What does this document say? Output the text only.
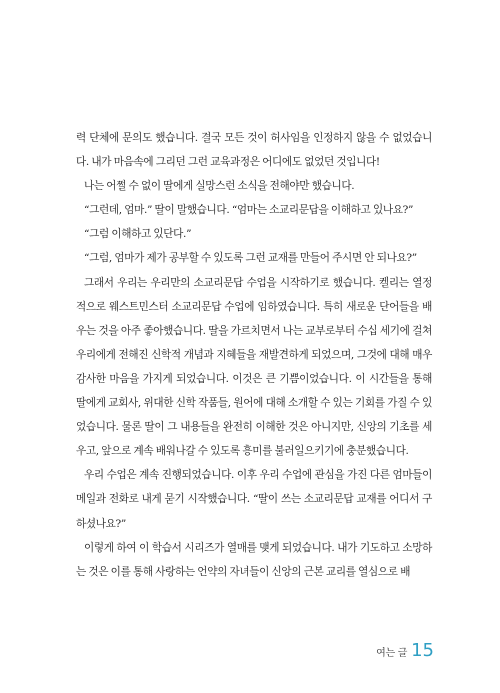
력 단체에 문의도 했습니다. 결국 모든 것이 허사임을 인정하지 않을 수 없었습니다. 내가 마음속에 그리던 그런 교육과정은 어디에도 없었던 것입니다!

나는 어쩔 수 없이 딸에게 실망스런 소식을 전해야만 했습니다.

“그런데, 엄마.” 딸이 말했습니다. “엄마는 소교리문답을 이해하고 있나요?”

“그럼 이해하고 있단다.”

“그럼, 엄마가 제가 공부할 수 있도록 그런 교재를 만들어 주시면 안 되나요?”

그래서 우리는 우리만의 소교리문답 수업을 시작하기로 했습니다. 켈리는 열정적으로 웨스트민스터 소교리문답 수업에 임하였습니다. 특히 새로운 단어들을 배우는 것을 아주 좋아했습니다. 딸을 가르치면서 나는 교부로부터 수십 세기에 걸쳐 우리에게 전해진 신학적 개념과 지혜들을 재발견하게 되었으며, 그것에 대해 매우 감사한 마음을 가지게 되었습니다. 이것은 큰 기쁨이었습니다. 이 시간들을 통해 딸에게 교회사, 위대한 신학 작품들, 원어에 대해 소개할 수 있는 기회를 가질 수 있었습니다. 물론 딸이 그 내용들을 완전히 이해한 것은 아니지만, 신앙의 기초를 세우고, 앞으로 계속 배워나갈 수 있도록 흥미를 불러일으키기에 충분했습니다.

우리 수업은 계속 진행되었습니다. 이후 우리 수업에 관심을 가진 다른 엄마들이 메일과 전화로 내게 묻기 시작했습니다. “딸이 쓰는 소교리문답 교재를 어디서 구하셨나요?”

이렇게 하여 이 학습서 시리즈가 열매를 맺게 되었습니다. 내가 기도하고 소망하는 것은 이를 통해 사랑하는 언약의 자녀들이 신앙의 근본 교리를 열심으로 배

여는 글 15
